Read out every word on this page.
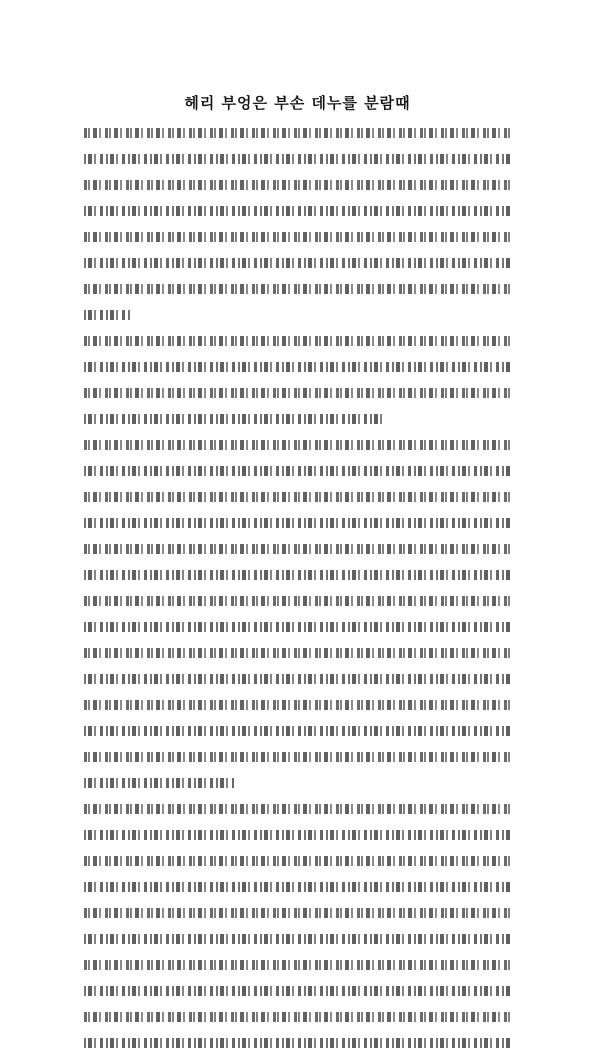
헤리 부엉은 부손 데누를 분람때
